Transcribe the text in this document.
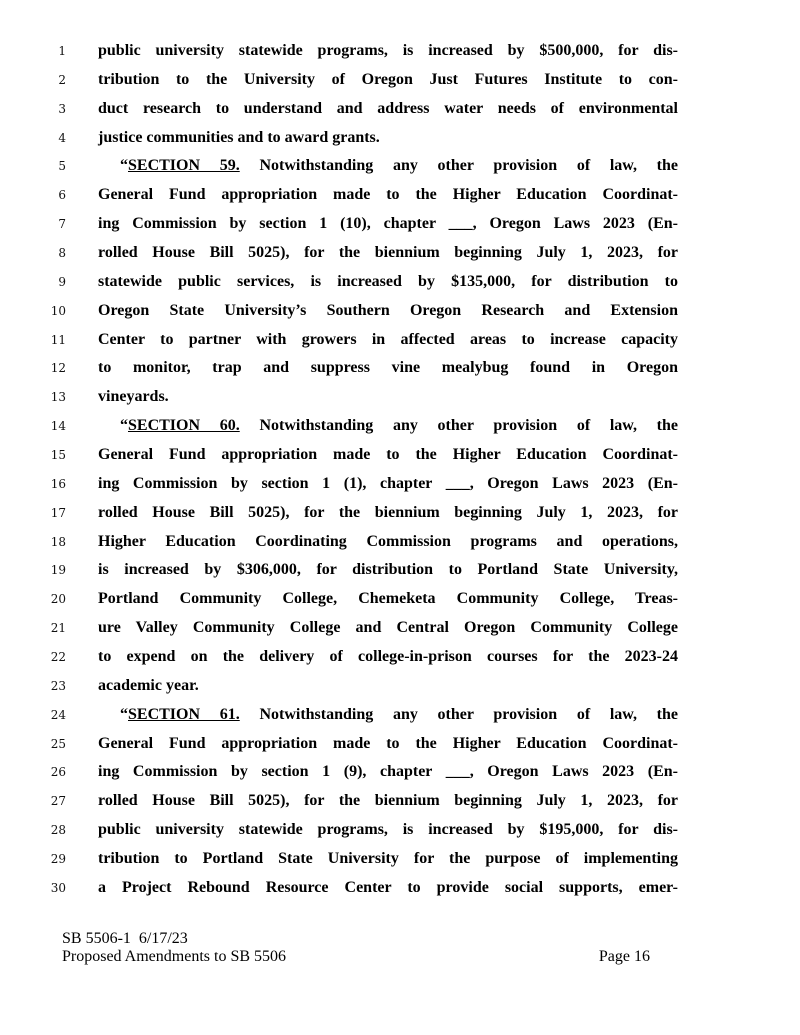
1 public university statewide programs, is increased by $500,000, for dis-
2 tribution to the University of Oregon Just Futures Institute to con-
3 duct research to understand and address water needs of environmental
4 justice communities and to award grants.
5	“SECTION 59. Notwithstanding any other provision of law, the
6 General Fund appropriation made to the Higher Education Coordinat-
7 ing Commission by section 1 (10), chapter ___, Oregon Laws 2023 (En-
8 rolled House Bill 5025), for the biennium beginning July 1, 2023, for
9 statewide public services, is increased by $135,000, for distribution to
10 Oregon State University’s Southern Oregon Research and Extension
11 Center to partner with growers in affected areas to increase capacity
12 to monitor, trap and suppress vine mealybug found in Oregon
13 vineyards.
14	“SECTION 60. Notwithstanding any other provision of law, the
15 General Fund appropriation made to the Higher Education Coordinat-
16 ing Commission by section 1 (1), chapter ___, Oregon Laws 2023 (En-
17 rolled House Bill 5025), for the biennium beginning July 1, 2023, for
18 Higher Education Coordinating Commission programs and operations,
19 is increased by $306,000, for distribution to Portland State University,
20 Portland Community College, Chemeketa Community College, Treas-
21 ure Valley Community College and Central Oregon Community College
22 to expend on the delivery of college-in-prison courses for the 2023-24
23 academic year.
24	“SECTION 61. Notwithstanding any other provision of law, the
25 General Fund appropriation made to the Higher Education Coordinat-
26 ing Commission by section 1 (9), chapter ___, Oregon Laws 2023 (En-
27 rolled House Bill 5025), for the biennium beginning July 1, 2023, for
28 public university statewide programs, is increased by $195,000, for dis-
29 tribution to Portland State University for the purpose of implementing
30 a Project Rebound Resource Center to provide social supports, emer-
SB 5506-1  6/17/23
Proposed Amendments to SB 5506	Page 16
